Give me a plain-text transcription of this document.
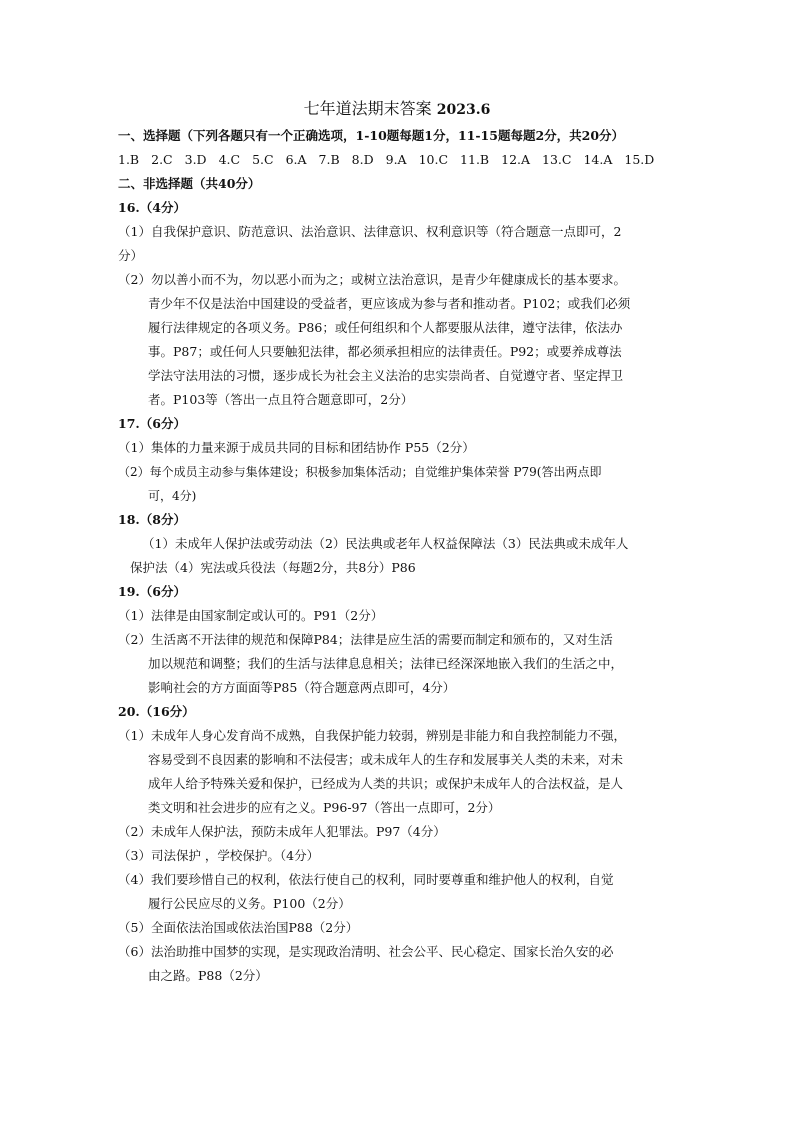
七年道法期末答案 2023.6
一、选择题（下列各题只有一个正确选项，1-10题每题1分，11-15题每题2分，共20分）
1.B 2.C 3.D 4.C 5.C 6.A 7.B 8.D 9.A 10.C 11.B 12.A 13.C 14.A 15.D
二、非选择题（共40分）
16.（4分）
（1）自我保护意识、防范意识、法治意识、法律意识、权利意识等（符合题意一点即可，2
分）
（2）勿以善小而不为，勿以恶小而为之；或树立法治意识，是青少年健康成长的基本要求。
青少年不仅是法治中国建设的受益者，更应该成为参与者和推动者。P102；或我们必须
履行法律规定的各项义务。P86；或任何组织和个人都要服从法律，遵守法律，依法办
事。P87；或任何人只要触犯法律，都必须承担相应的法律责任。P92；或要养成尊法
学法守法用法的习惯，逐步成长为社会主义法治的忠实崇尚者、自觉遵守者、坚定捍卫
者。P103等（答出一点且符合题意即可，2分）
17.（6分）
（1）集体的力量来源于成员共同的目标和团结协作 P55（2分）
（2）每个成员主动参与集体建设；积极参加集体活动；自觉维护集体荣誉 P79(答出两点即
可，4分)
18.（8分）
（1）未成年人保护法或劳动法（2）民法典或老年人权益保障法（3）民法典或未成年人
保护法（4）宪法或兵役法（每题2分，共8分）P86
19.（6分）
（1）法律是由国家制定或认可的。P91（2分）
（2）生活离不开法律的规范和保障P84；法律是应生活的需要而制定和颁布的，又对生活
加以规范和调整；我们的生活与法律息息相关；法律已经深深地嵌入我们的生活之中，
影响社会的方方面面等P85（符合题意两点即可，4分）
20.（16分）
（1）未成年人身心发育尚不成熟，自我保护能力较弱，辨别是非能力和自我控制能力不强，
容易受到不良因素的影响和不法侵害；或未成年人的生存和发展事关人类的未来，对未
成年人给予特殊关爱和保护，已经成为人类的共识；或保护未成年人的合法权益，是人
类文明和社会进步的应有之义。P96-97（答出一点即可，2分）
（2）未成年人保护法，预防未成年人犯罪法。P97（4分）
（3）司法保护 ，学校保护。（4分）
（4）我们要珍惜自己的权利，依法行使自己的权利，同时要尊重和维护他人的权利，自觉
履行公民应尽的义务。P100（2分）
（5）全面依法治国或依法治国P88（2分）
（6）法治助推中国梦的实现，是实现政治清明、社会公平、民心稳定、国家长治久安的必
由之路。P88（2分）
